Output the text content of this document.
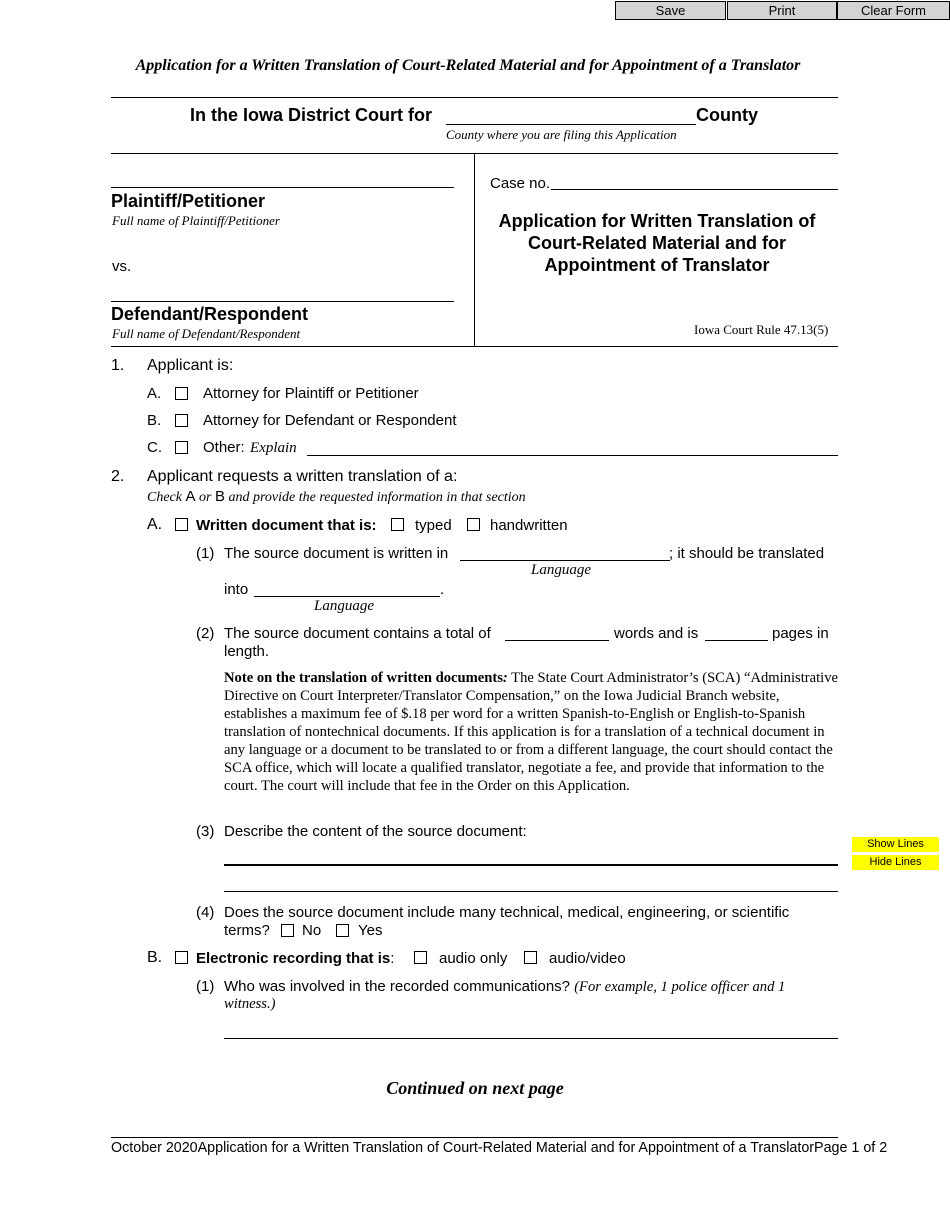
Save	Print	Clear Form
Application for a Written Translation of Court-Related Material and for Appointment of a Translator
In the Iowa District Court for	County
County where you are filing this Application
Plaintiff/Petitioner
Full name of Plaintiff/Petitioner
vs.
Defendant/Respondent
Full name of Defendant/Respondent
Case no.
Application for Written Translation of
Court-Related Material and for
Appointment of Translator
Iowa Court Rule 47.13(5)
1. Applicant is:
A.	Attorney for Plaintiff or Petitioner
B.	Attorney for Defendant or Respondent
C.	Other: Explain
2. Applicant requests a written translation of a:
Check A or B and provide the requested information in that section
A. Written document that is:	typed	handwritten
(1) The source document is written in	; it should be translated
Language
into	.
Language
(2) The source document contains a total of	words and is	pages in
length.
Note on the translation of written documents: The State Court Administrator’s (SCA) “Administrative Directive on Court Interpreter/Translator Compensation,” on the Iowa Judicial Branch website, establishes a maximum fee of $.18 per word for a written Spanish-to-English or English-to-Spanish translation of nontechnical documents. If this application is for a translation of a technical document in any language or a document to be translated to or from a different language, the court should contact the SCA office, which will locate a qualified translator, negotiate a fee, and provide that information to the court. The court will include that fee in the Order on this Application.
(3) Describe the content of the source document:
Show Lines
Hide Lines
(4) Does the source document include many technical, medical, engineering, or scientific
terms? No Yes
B. Electronic recording that is:	audio only	audio/video
(1) Who was involved in the recorded communications? (For example, 1 police officer and 1
witness.)
Continued on next page
October 2020Application for a Written Translation of Court-Related Material and for Appointment of a TranslatorPage 1 of 2
